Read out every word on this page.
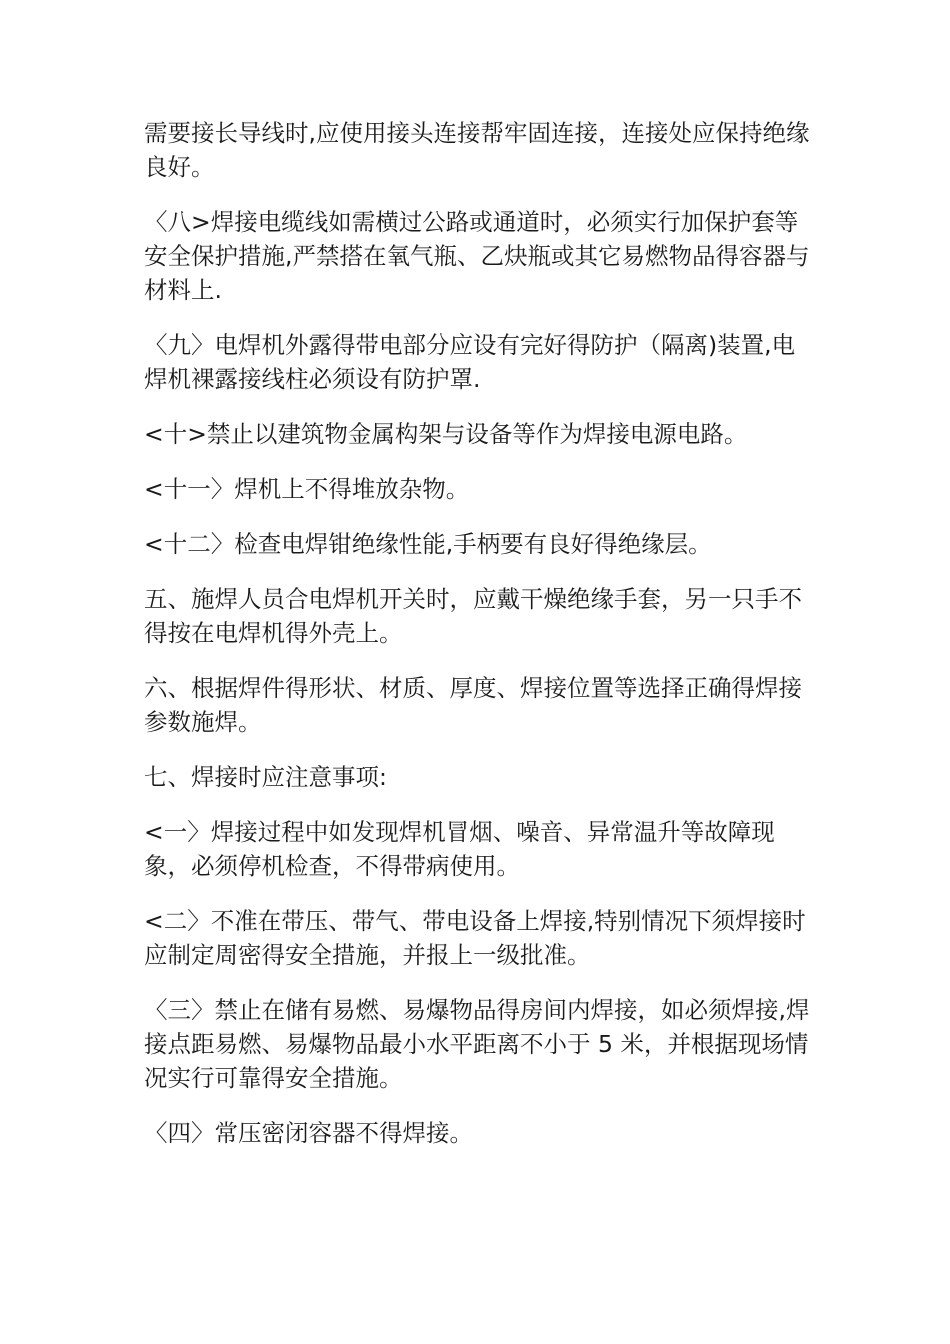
需要接长导线时,应使用接头连接帮牢固连接，连接处应保持绝缘良好。

〈八>焊接电缆线如需横过公路或通道时，必须实行加保护套等安全保护措施,严禁搭在氧气瓶、乙炔瓶或其它易燃物品得容器与材料上.

〈九〉电焊机外露得带电部分应设有完好得防护（隔离)装置,电焊机裸露接线柱必须设有防护罩.

<十>禁止以建筑物金属构架与设备等作为焊接电源电路。

<十一〉焊机上不得堆放杂物。

<十二〉检查电焊钳绝缘性能,手柄要有良好得绝缘层。

五、施焊人员合电焊机开关时，应戴干燥绝缘手套，另一只手不得按在电焊机得外壳上。

六、根据焊件得形状、材质、厚度、焊接位置等选择正确得焊接参数施焊。

七、焊接时应注意事项:

<一〉焊接过程中如发现焊机冒烟、噪音、异常温升等故障现象，必须停机检查，不得带病使用。

<二〉不准在带压、带气、带电设备上焊接,特别情况下须焊接时应制定周密得安全措施，并报上一级批准。

〈三〉禁止在储有易燃、易爆物品得房间内焊接，如必须焊接,焊接点距易燃、易爆物品最小水平距离不小于 5 米，并根据现场情况实行可靠得安全措施。

〈四〉常压密闭容器不得焊接。
